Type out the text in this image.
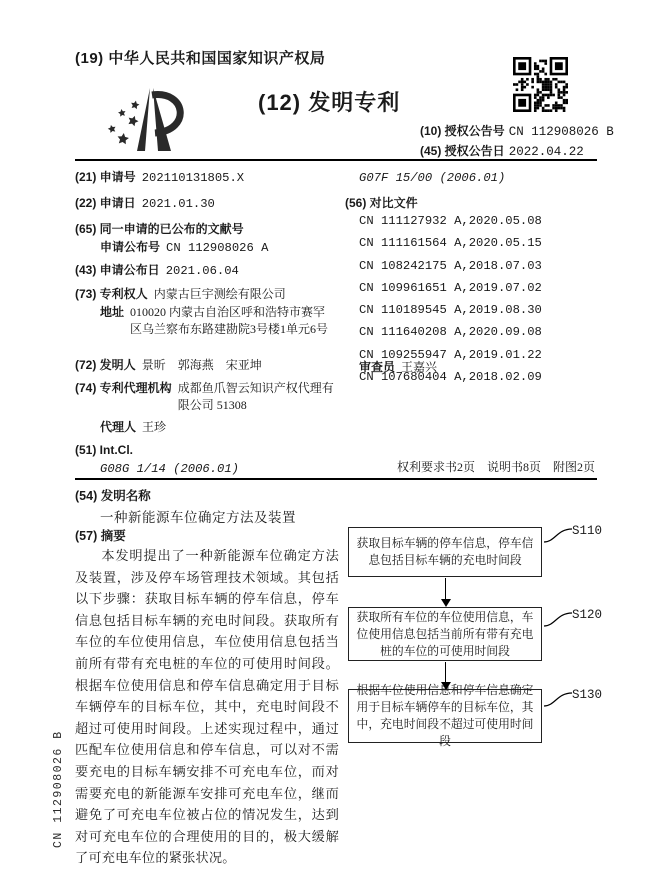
(19) 中华人民共和国国家知识产权局
(12) 发明专利
(10) 授权公告号 CN 112908026 B
(45) 授权公告日 2022.04.22
(21) 申请号 202110131805.X
(22) 申请日 2021.01.30
(65) 同一申请的已公布的文献号
申请公布号 CN 112908026 A
(43) 申请公布日 2021.06.04
(73) 专利权人 内蒙古巨宇测绘有限公司
地址 010020 内蒙古自治区呼和浩特市赛罕区乌兰察布东路建勘院3号楼1单元6号
(72) 发明人 景昕　郭海燕　宋亚坤
(74) 专利代理机构 成都鱼爪智云知识产权代理有限公司 51308
代理人 王珍
(51) Int.Cl.
G08G 1/14 (2006.01)
G07F 15/00 (2006.01)
(56) 对比文件
CN 111127932 A,2020.05.08
CN 111161564 A,2020.05.15
CN 108242175 A,2018.07.03
CN 109961651 A,2019.07.02
CN 110189545 A,2019.08.30
CN 111640208 A,2020.09.08
CN 109255947 A,2019.01.22
CN 107680404 A,2018.02.09
审查员 王嘉兴
权利要求书2页　说明书8页　附图2页
(54) 发明名称
一种新能源车位确定方法及装置
(57) 摘要
本发明提出了一种新能源车位确定方法及装置，涉及停车场管理技术领域。其包括以下步骤：获取目标车辆的停车信息，停车信息包括目标车辆的充电时间段。获取所有车位的车位使用信息，车位使用信息包括当前所有带有充电桩的车位的可使用时间段。根据车位使用信息和停车信息确定用于目标车辆停车的目标车位，其中，充电时间段不超过可使用时间段。上述实现过程中，通过匹配车位使用信息和停车信息，可以对不需要充电的目标车辆安排不可充电车位，而对需要充电的新能源车安排可充电车位，继而避免了可充电车位被占位的情况发生，达到对可充电车位的合理使用的目的，极大缓解了可充电车位的紧张状况。
获取目标车辆的停车信息，停车信息包括目标车辆的充电时间段
获取所有车位的车位使用信息，车位使用信息包括当前所有带有充电桩的车位的可使用时间段
根据车位使用信息和停车信息确定用于目标车辆停车的目标车位，其中，充电时间段不超过可使用时间段
S110
S120
S130
CN 112908026 B
